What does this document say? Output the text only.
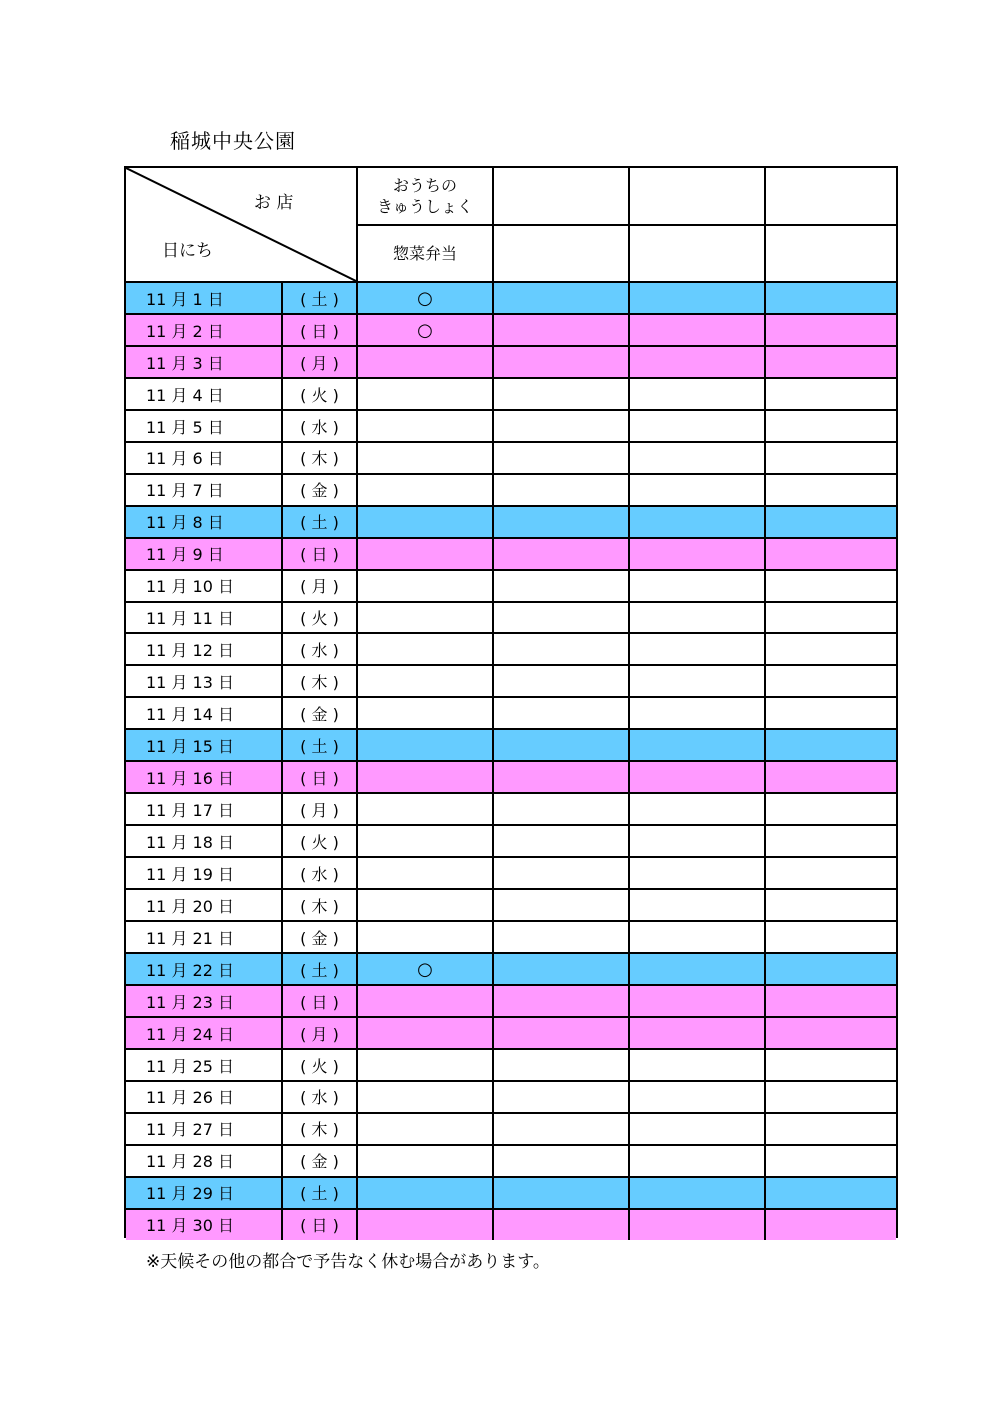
稲城中央公園
お 店
日にち
おうちの
きゅうしょく
惣菜弁当
11 月 1 日	( 土 )	○
11 月 2 日	( 日 )	○
11 月 3 日	( 月 )
11 月 4 日	( 火 )
11 月 5 日	( 水 )
11 月 6 日	( 木 )
11 月 7 日	( 金 )
11 月 8 日	( 土 )
11 月 9 日	( 日 )
11 月 10 日	( 月 )
11 月 11 日	( 火 )
11 月 12 日	( 水 )
11 月 13 日	( 木 )
11 月 14 日	( 金 )
11 月 15 日	( 土 )
11 月 16 日	( 日 )
11 月 17 日	( 月 )
11 月 18 日	( 火 )
11 月 19 日	( 水 )
11 月 20 日	( 木 )
11 月 21 日	( 金 )
11 月 22 日	( 土 )	○
11 月 23 日	( 日 )
11 月 24 日	( 月 )
11 月 25 日	( 火 )
11 月 26 日	( 水 )
11 月 27 日	( 木 )
11 月 28 日	( 金 )
11 月 29 日	( 土 )
11 月 30 日	( 日 )
※天候その他の都合で予告なく休む場合があります。
